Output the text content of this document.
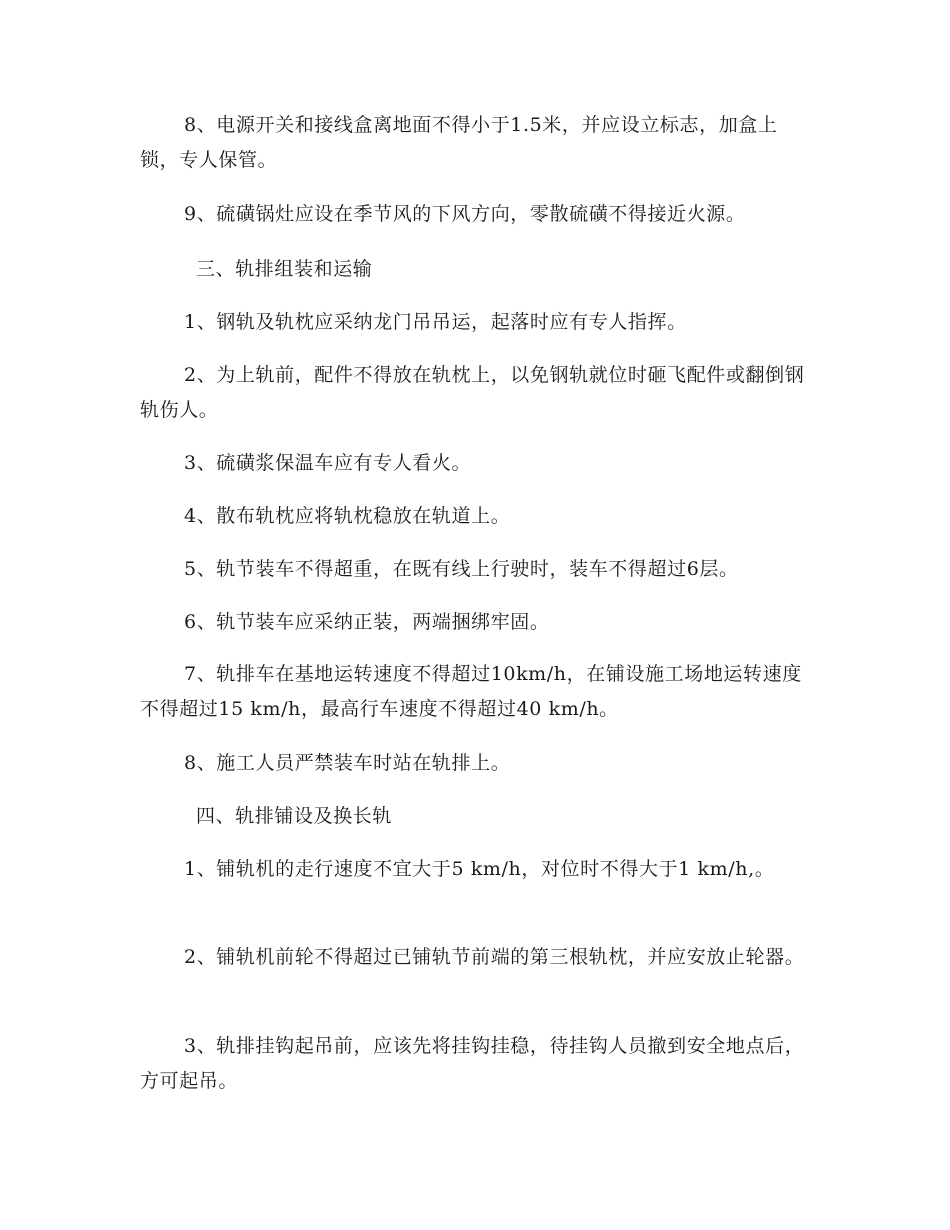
8、电源开关和接线盒离地面不得小于1.5米，并应设立标志，加盒上锁，专人保管。

9、硫磺锅灶应设在季节风的下风方向，零散硫磺不得接近火源。

三、轨排组装和运输

1、钢轨及轨枕应采纳龙门吊吊运，起落时应有专人指挥。

2、为上轨前，配件不得放在轨枕上，以免钢轨就位时砸飞配件或翻倒钢轨伤人。

3、硫磺浆保温车应有专人看火。

4、散布轨枕应将轨枕稳放在轨道上。

5、轨节装车不得超重，在既有线上行驶时，装车不得超过6层。

6、轨节装车应采纳正装，两端捆绑牢固。

7、轨排车在基地运转速度不得超过10km/h，在铺设施工场地运转速度不得超过15 km/h，最高行车速度不得超过40 km/h。

8、施工人员严禁装车时站在轨排上。

四、轨排铺设及换长轨

1、铺轨机的走行速度不宜大于5 km/h，对位时不得大于1 km/h,。

2、铺轨机前轮不得超过已铺轨节前端的第三根轨枕，并应安放止轮器。

3、轨排挂钩起吊前，应该先将挂钩挂稳，待挂钩人员撤到安全地点后，方可起吊。
